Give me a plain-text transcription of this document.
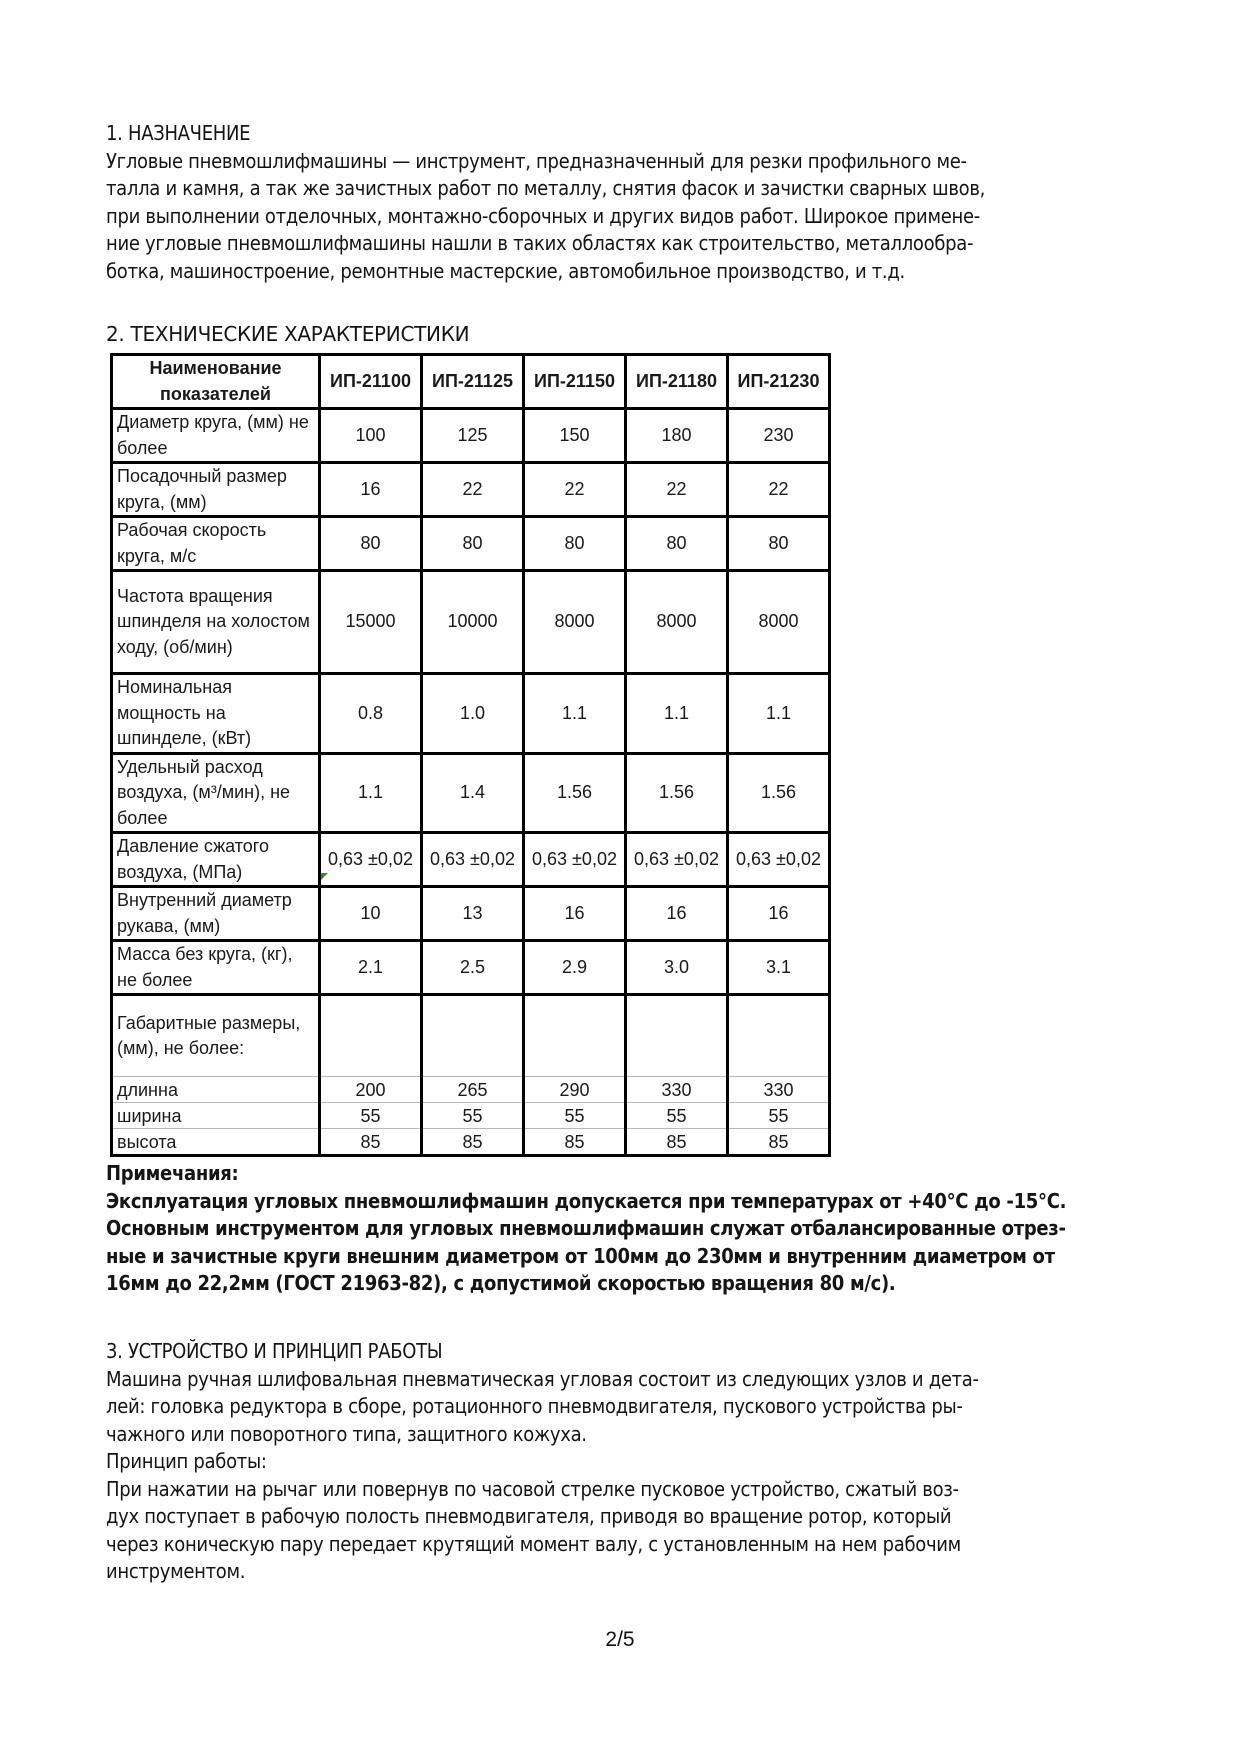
1. НАЗНАЧЕНИЕ
Угловые пневмошлифмашины — инструмент, предназначенный для резки профильного ме-
талла и камня, а так же зачистных работ по металлу, снятия фасок и зачистки сварных швов,
при выполнении отделочных, монтажно-сборочных и других видов работ. Широкое примене-
ние угловые пневмошлифмашины нашли в таких областях как строительство, металлообра-
ботка, машиностроение, ремонтные мастерские, автомобильное производство, и т.д.
2. ТЕХНИЧЕСКИЕ ХАРАКТЕРИСТИКИ
Наименование показателей	ИП-21100	ИП-21125	ИП-21150	ИП-21180	ИП-21230
Диаметр круга, (мм) не более	100	125	150	180	230
Посадочный размер круга, (мм)	16	22	22	22	22
Рабочая скорость круга, м/с	80	80	80	80	80
Частота вращения шпинделя на холостом ходу, (об/мин)	15000	10000	8000	8000	8000
Номинальная мощность на шпинделе, (кВт)	0.8	1.0	1.1	1.1	1.1
Удельный расход воздуха, (м³/мин), не более	1.1	1.4	1.56	1.56	1.56
Давление сжатого воздуха, (МПа)	0,63 ±0,02	0,63 ±0,02	0,63 ±0,02	0,63 ±0,02	0,63 ±0,02
Внутренний диаметр рукава, (мм)	10	13	16	16	16
Масса без круга, (кг), не более	2.1	2.5	2.9	3.0	3.1
Габаритные размеры, (мм), не более:					
длинна	200	265	290	330	330
ширина	55	55	55	55	55
высота	85	85	85	85	85
Примечания:
Эксплуатация угловых пневмошлифмашин допускается при температурах от +40°С до -15°С.
Основным инструментом для угловых пневмошлифмашин служат отбалансированные отрез-
ные и зачистные круги внешним диаметром от 100мм до 230мм и внутренним диаметром от
16мм до 22,2мм (ГОСТ 21963-82), с допустимой скоростью вращения 80 м/с).
3. УСТРОЙСТВО И ПРИНЦИП РАБОТЫ
Машина ручная шлифовальная пневматическая угловая состоит из следующих узлов и дета-
лей: головка редуктора в сборе, ротационного пневмодвигателя, пускового устройства ры-
чажного или поворотного типа, защитного кожуха.
Принцип работы:
При нажатии на рычаг или повернув по часовой стрелке пусковое устройство, сжатый воз-
дух поступает в рабочую полость пневмодвигателя, приводя во вращение ротор, который
через коническую пару передает крутящий момент валу, с установленным на нем рабочим
инструментом.
2/5
